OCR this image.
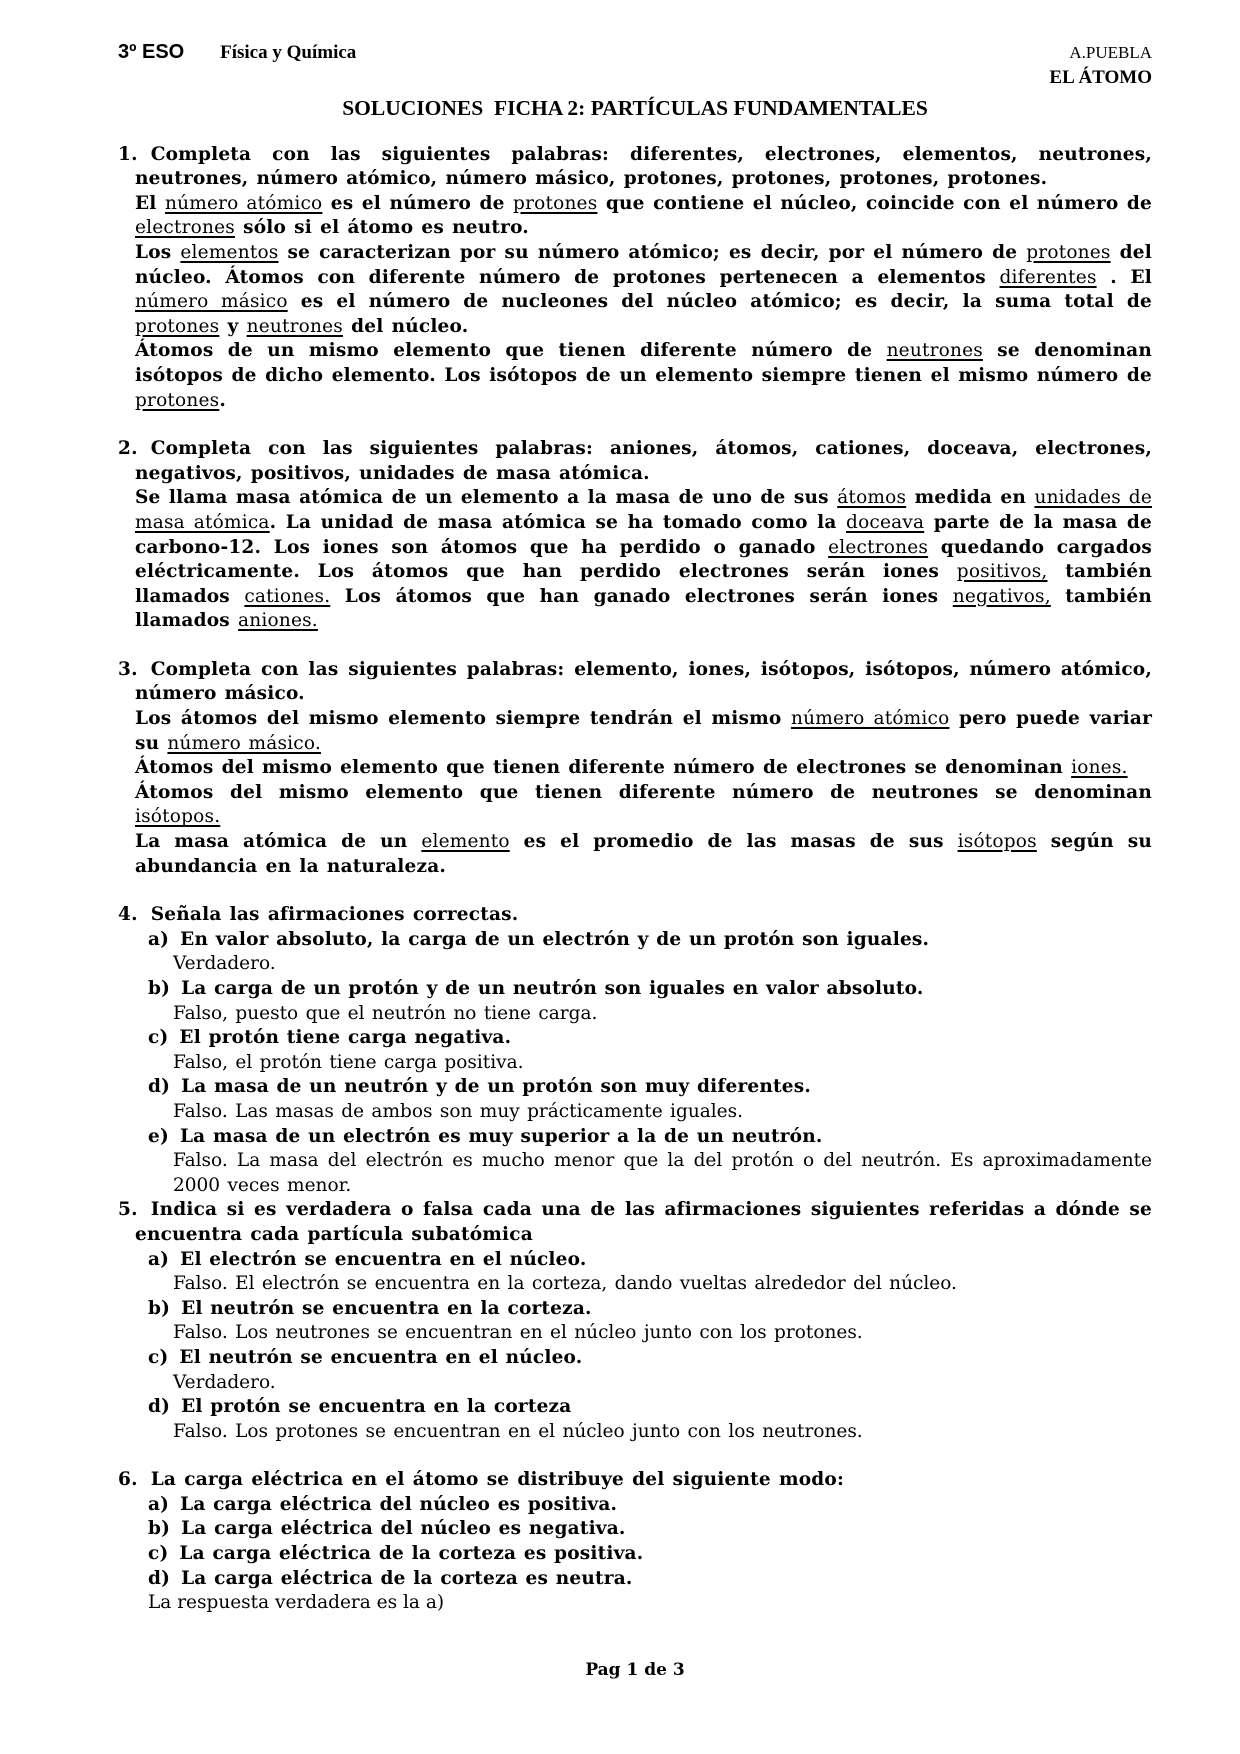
3º ESO Física y Química	A.PUEBLA
EL ÁTOMO
SOLUCIONES  FICHA 2: PARTÍCULAS FUNDAMENTALES

1. Completa con las siguientes palabras: diferentes, electrones, elementos, neutrones, neutrones, número atómico, número másico, protones, protones, protones, protones.

El número atómico es el número de protones que contiene el núcleo, coincide con el número de electrones sólo si el átomo es neutro.

Los elementos se caracterizan por su número atómico; es decir, por el número de protones del núcleo. Átomos con diferente número de protones pertenecen a elementos diferentes . El número másico es el número de nucleones del núcleo atómico; es decir, la suma total de protones y neutrones del núcleo.

Átomos de un mismo elemento que tienen diferente número de neutrones se denominan isótopos de dicho elemento. Los isótopos de un elemento siempre tienen el mismo número de protones.

2. Completa con las siguientes palabras: aniones, átomos, cationes, doceava, electrones, negativos, positivos, unidades de masa atómica.

Se llama masa atómica de un elemento a la masa de uno de sus átomos medida en unidades de masa atómica. La unidad de masa atómica se ha tomado como la doceava parte de la masa de carbono-12. Los iones son átomos que ha perdido o ganado electrones quedando cargados eléctricamente. Los átomos que han perdido electrones serán iones positivos, también llamados cationes. Los átomos que han ganado electrones serán iones negativos, también llamados aniones.

3. Completa con las siguientes palabras: elemento, iones, isótopos, isótopos, número atómico, número másico.

Los átomos del mismo elemento siempre tendrán el mismo número atómico pero puede variar su número másico.

Átomos del mismo elemento que tienen diferente número de electrones se denominan iones.

Átomos del mismo elemento que tienen diferente número de neutrones se denominan isótopos.

La masa atómica de un elemento es el promedio de las masas de sus isótopos según su abundancia en la naturaleza.

4. Señala las afirmaciones correctas.

a) En valor absoluto, la carga de un electrón y de un protón son iguales.

Verdadero.

b) La carga de un protón y de un neutrón son iguales en valor absoluto.

Falso, puesto que el neutrón no tiene carga.

c) El protón tiene carga negativa.

Falso, el protón tiene carga positiva.

d) La masa de un neutrón y de un protón son muy diferentes.

Falso. Las masas de ambos son muy prácticamente iguales.

e) La masa de un electrón es muy superior a la de un neutrón.

Falso. La masa del electrón es mucho menor que la del protón o del neutrón. Es aproximadamente 2000 veces menor.

5. Indica si es verdadera o falsa cada una de las afirmaciones siguientes referidas a dónde se encuentra cada partícula subatómica

a) El electrón se encuentra en el núcleo.

Falso. El electrón se encuentra en la corteza, dando vueltas alrededor del núcleo.

b) El neutrón se encuentra en la corteza.

Falso. Los neutrones se encuentran en el núcleo junto con los protones.

c) El neutrón se encuentra en el núcleo.

Verdadero.

d) El protón se encuentra en la corteza

Falso. Los protones se encuentran en el núcleo junto con los neutrones.

6. La carga eléctrica en el átomo se distribuye del siguiente modo:

a) La carga eléctrica del núcleo es positiva.

b) La carga eléctrica del núcleo es negativa.

c) La carga eléctrica de la corteza es positiva.

d) La carga eléctrica de la corteza es neutra.

La respuesta verdadera es la a)

Pag 1 de 3
